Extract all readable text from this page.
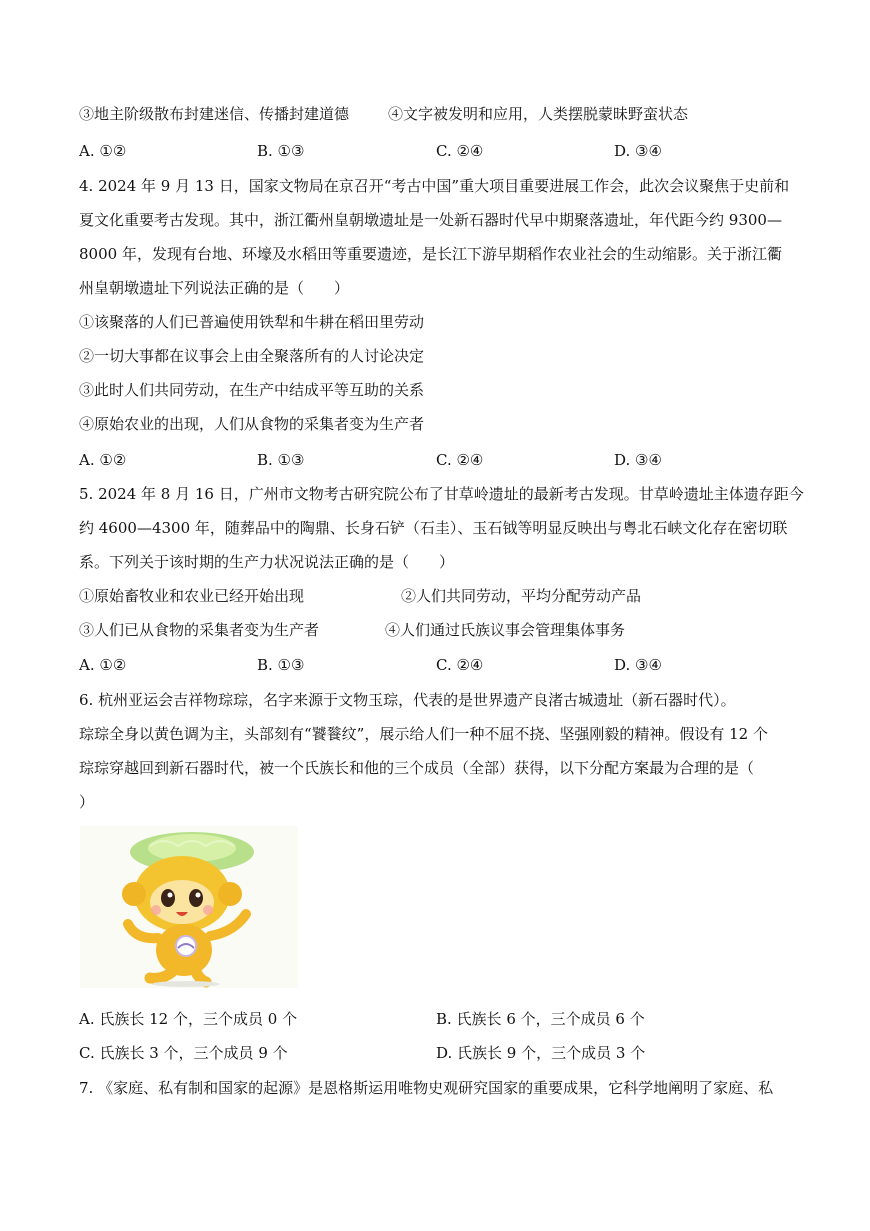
③地主阶级散布封建迷信、传播封建道德	④文字被发明和应用，人类摆脱蒙昧野蛮状态
A. ①②	B. ①③	C. ②④	D. ③④
4. 2024 年 9 月 13 日，国家文物局在京召开“考古中国”重大项目重要进展工作会，此次会议聚焦于史前和
夏文化重要考古发现。其中，浙江衢州皇朝墩遗址是一处新石器时代早中期聚落遗址，年代距今约 9300—
8000 年，发现有台地、环壕及水稻田等重要遗迹，是长江下游早期稻作农业社会的生动缩影。关于浙江衢
州皇朝墩遗址下列说法正确的是（　　）
①该聚落的人们已普遍使用铁犁和牛耕在稻田里劳动
②一切大事都在议事会上由全聚落所有的人讨论决定
③此时人们共同劳动，在生产中结成平等互助的关系
④原始农业的出现，人们从食物的采集者变为生产者
A. ①②	B. ①③	C. ②④	D. ③④
5. 2024 年 8 月 16 日，广州市文物考古研究院公布了甘草岭遗址的最新考古发现。甘草岭遗址主体遗存距今
约 4600—4300 年，随葬品中的陶鼎、长身石铲（石圭）、玉石钺等明显反映出与粤北石峡文化存在密切联
系。下列关于该时期的生产力状况说法正确的是（　　）
①原始畜牧业和农业已经开始出现	②人们共同劳动，平均分配劳动产品
③人们已从食物的采集者变为生产者	④人们通过氏族议事会管理集体事务
A. ①②	B. ①③	C. ②④	D. ③④
6. 杭州亚运会吉祥物琮琮，名字来源于文物玉琮，代表的是世界遗产良渚古城遗址（新石器时代）。
琮琮全身以黄色调为主，头部刻有“饕餮纹”，展示给人们一种不屈不挠、坚强刚毅的精神。假设有 12 个
琮琮穿越回到新石器时代，被一个氏族长和他的三个成员（全部）获得，以下分配方案最为合理的是（
）
A. 氏族长 12 个，三个成员 0 个	B. 氏族长 6 个，三个成员 6 个
C. 氏族长 3 个，三个成员 9 个	D. 氏族长 9 个，三个成员 3 个
7. 《家庭、私有制和国家的起源》是恩格斯运用唯物史观研究国家的重要成果，它科学地阐明了家庭、私
